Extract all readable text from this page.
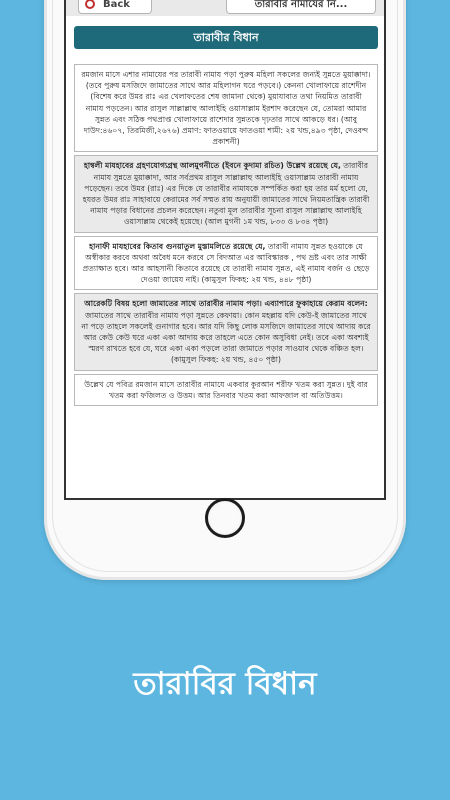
Back	তারাবীর নামাযের নি...
তারাবীর বিধান
রমজান মাসে এশার নামাযের পর তারাবী নামায পড়া পুরুষ মহিলা সকলের জন্যই সুন্নতে মুয়াক্কাদা। (তবে পুরুষ মসজিদে জামাতের সাথে আর মহিলাগন ঘরে পড়বে।) কেননা খোলাফায়ে রাশেদীন (বিশেষ করে উমর রাঃ এর খেলাফতের শেষ জামানা থেকে) মুয়াযাবাত তথা নিয়মিত তারাবী নামায পড়তেন। আর রাসুল সাল্লাল্লাহু আলাইহি ওয়াসাল্লাম ইরশাদ করেছেন যে, তোমরা আমার সুন্নত এবং সঠিক পথপ্রাপ্ত খোলাফায়ে রাশেদার সুন্নতকে দৃঢ়তার সাথে আকড়ে ধর। (আবু দাউদ:৪৬০৭, তিরমিজী,২৬৭৬) প্রমাণ: ফাতওয়ায়ে ফাতওয়া শামী: ২য় খন্ড,৪৯৩ পৃষ্ঠা, দেওবন্দ প্রকাশনী)
হাম্বলী মাযহাবের গ্রহণযোগ্যগ্রন্থ আলমুগনীতে (ইবনে কুদামা রচিত) উল্লেখ রয়েছে যে, তারাবীর নামায সুন্নতে মুয়াক্কাদা, আর সর্বপ্রথম রাসুল সাল্লাল্লাহু আলাইহি ওয়াসাল্লাম তারাবী নামায পড়েছেন। তবে উমর (রাঃ) এর দিকে যে তারাবীর নামাযকে সম্পর্কিত করা হয় তার মর্ম হলো যে, হযরত উমর রাঃ সাহাবায়ে কেরামের সর্ব সম্মত রায় অনুযায়ী জামাতের সাথে নিয়মতান্ত্রিক তারাবী নামায পড়ার বিধানের প্রচলন করেছেন। নতুবা মূল তারাবীর সূচনা রাসুল সাল্লাল্লাহু আলাইহি ওয়াসাল্লাম থেকেই হয়েছে। (আল মুগনী ১ম খন্ড, ৮৩৩ ও ৮৩৪ পৃষ্ঠা)
হানাফী মাযহাবের কিতাব গুনয়াতুল মুস্তামলিতে রয়েছে যে, তারাবী নামায সুন্নত হওয়াকে যে অস্বীকার করবে অথবা অবৈধ মনে করবে সে বিদআত এর আবিস্কারক , পথ ভ্রষ্ট এবং তার সাক্ষী প্রত্যাক্ষাত হবে। আর আহসানী কিতাবে রয়েছে যে তারাবী নামায সুন্নত, এই নামায বর্জন ও ছেড়ে দেওয়া জায়েয নাই। (কামুসুল ফিকহ: ২য় খন্ড, ৪৪৮ পৃষ্ঠা)
আরেকটি বিষয় হলো জামাতের সাথে তারাবীর নামায পড়া। এব্যাপারে ফুকাহায়ে কেরাম বলেন: জামাতের সাথে তারাবীর নামায পড়া সুন্নতে কেফায়া। কোন মহল্লায় যদি কেউ-ই জামাতের সাথে না পড়ে তাহলে সকলেই গুনাগার হবে। আর যদি কিছু লোক মসজিদে জামাতের সাথে আদায় করে আর কেউ কেউ ঘরে একা একা আদায় করে তাহলে এতে কোন অসুবিধা নেই। তবে একা অবশ্যই স্মরণ রাখতে হবে যে, ঘরে একা একা পড়লে তারা জামাতে পড়ার সাওয়াব থেকে বঞ্চিত হল। (কামুসুল ফিকহ: ২য় খন্ড, ৪৫০ পৃষ্ঠা)
উল্লেখ যে পবিত্র রমজান মাসে তারাবীর নামাযে একবার কুরআন শরীফ খতম করা সুন্নত। দুই বার খতম করা ফজিলত ও উত্তম। আর তিনবার খতম করা আফজাল বা অতিউত্তম।
তারাবির বিধান
